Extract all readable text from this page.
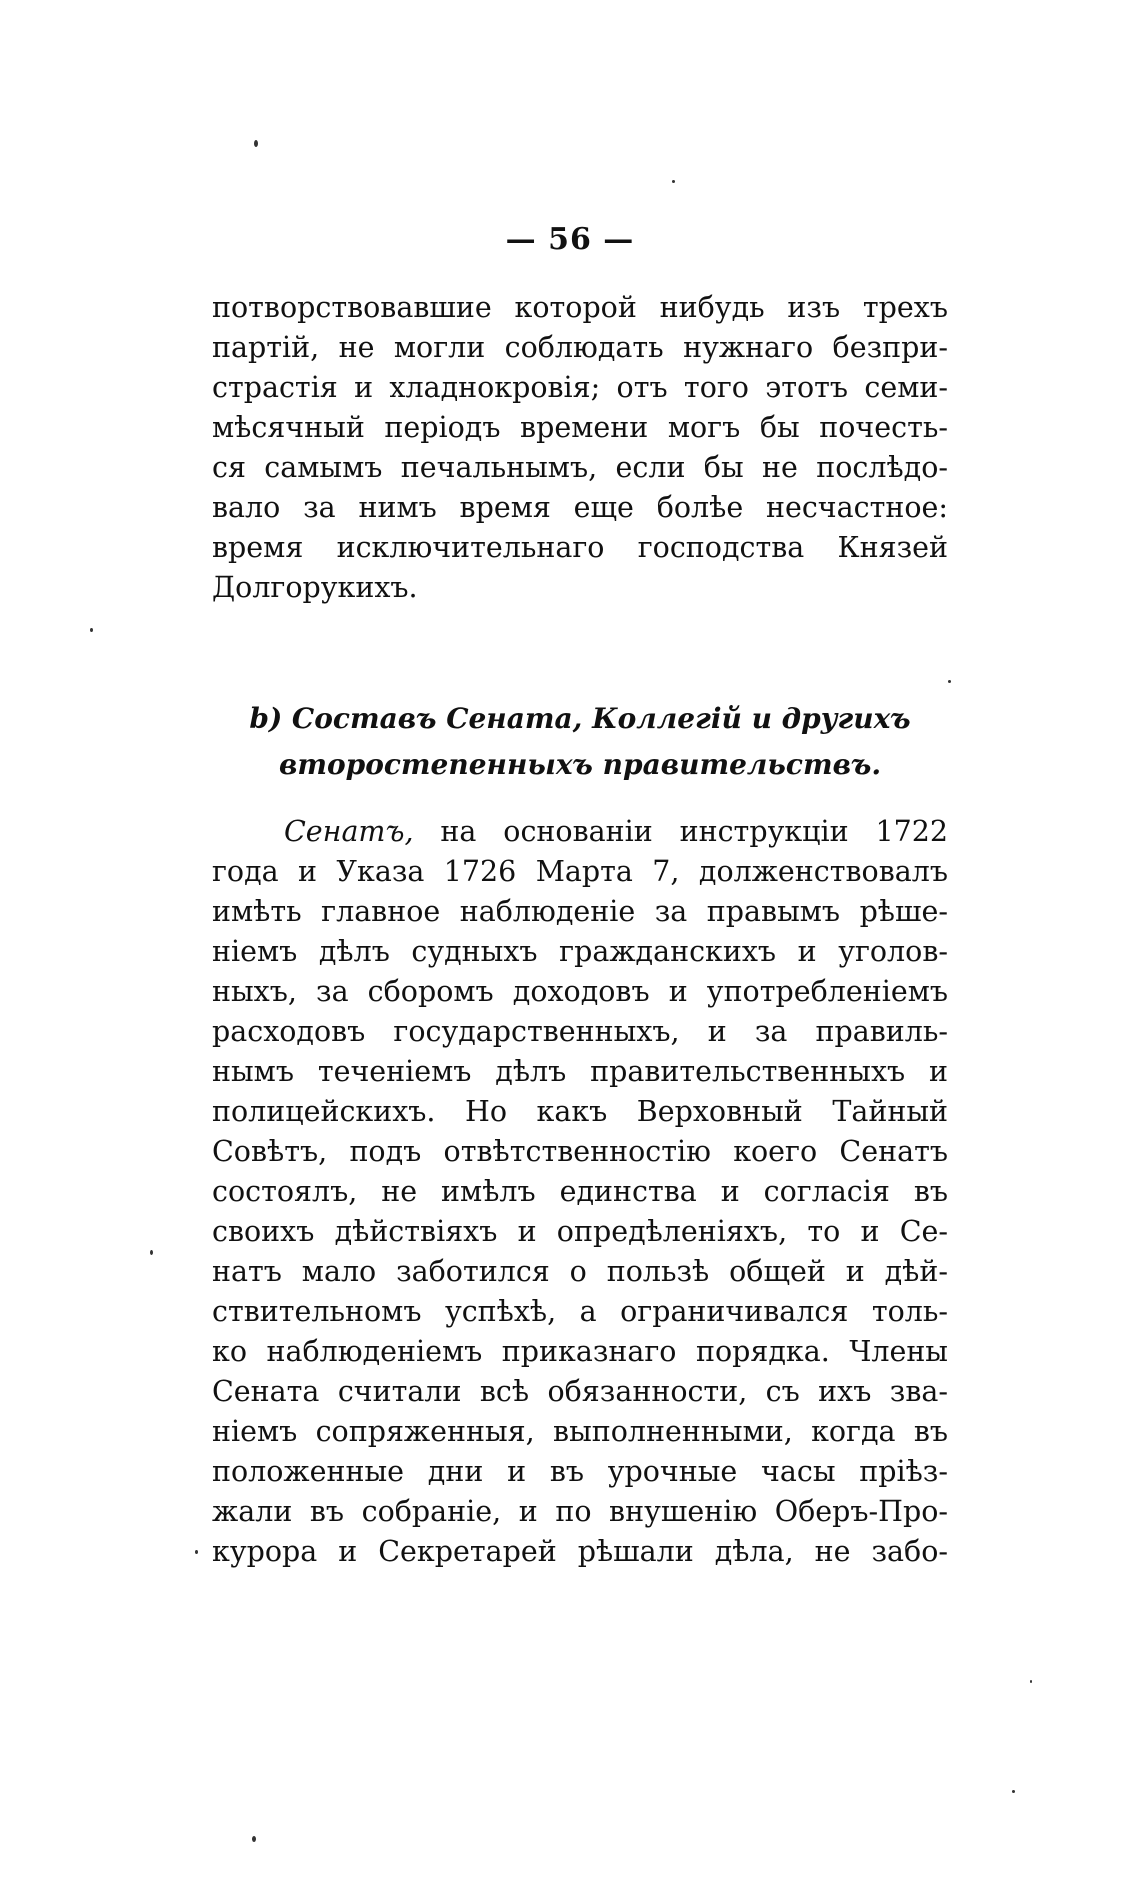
— 56 —
потворствовавшие которой нибудь изъ трехъ
партій, не могли соблюдать нужнаго безпри-
страстія и хладнокровія; отъ того этотъ семи-
мѣсячный періодъ времени могъ бы почесть-
ся самымъ печальнымъ, если бы не послѣдо-
вало за нимъ время еще болѣе несчастное:
время исключительнаго господства Князей
Долгорукихъ.
b) Составъ Сената, Коллегій и другихъ
второстепенныхъ правительствъ.
Сенатъ, на основаніи инструкціи 1722
года и Указа 1726 Марта 7, долженствовалъ
имѣть главное наблюденіе за правымъ рѣше-
ніемъ дѣлъ судныхъ гражданскихъ и уголов-
ныхъ, за сборомъ доходовъ и употребленіемъ
расходовъ государственныхъ, и за правиль-
нымъ теченіемъ дѣлъ правительственныхъ и
полицейскихъ. Но какъ Верховный Тайный
Совѣтъ, подъ отвѣтственностію коего Сенатъ
состоялъ, не имѣлъ единства и согласія въ
своихъ дѣйствіяхъ и опредѣленіяхъ, то и Се-
натъ мало заботился о пользѣ общей и дѣй-
ствительномъ успѣхѣ, а ограничивался толь-
ко наблюденіемъ приказнаго порядка. Члены
Сената считали всѣ обязанности, съ ихъ зва-
ніемъ сопряженныя, выполненными, когда въ
положенные дни и въ урочные часы пріѣз-
жали въ собраніе, и по внушенію Оберъ-Про-
курора и Секретарей рѣшали дѣла, не забо-
